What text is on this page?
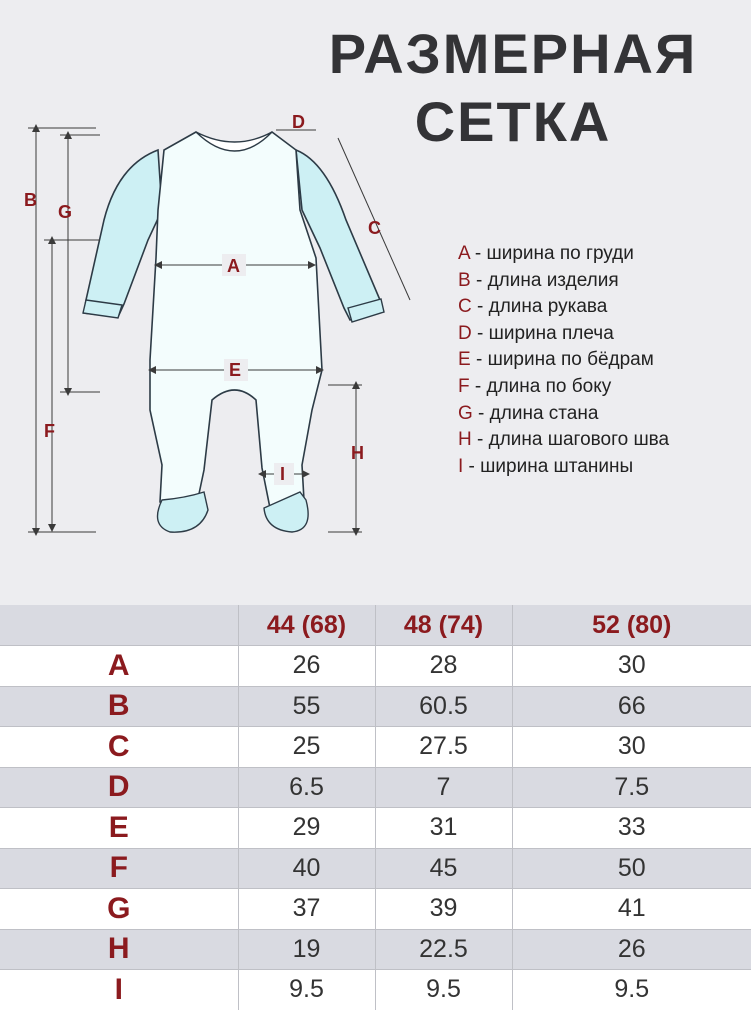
РАЗМЕРНАЯ
СЕТКА
B
G
F
A
E
D
C
H
I
A - ширина по груди
B - длина изделия
C - длина рукава
D - ширина плеча
E - ширина по бёдрам
F - длина по боку
G - длина стана
H - длина шагового шва
I - ширина штанины
	44 (68)	48 (74)	52 (80)
A	26	28	30
B	55	60.5	66
C	25	27.5	30
D	6.5	7	7.5
E	29	31	33
F	40	45	50
G	37	39	41
H	19	22.5	26
I	9.5	9.5	9.5
